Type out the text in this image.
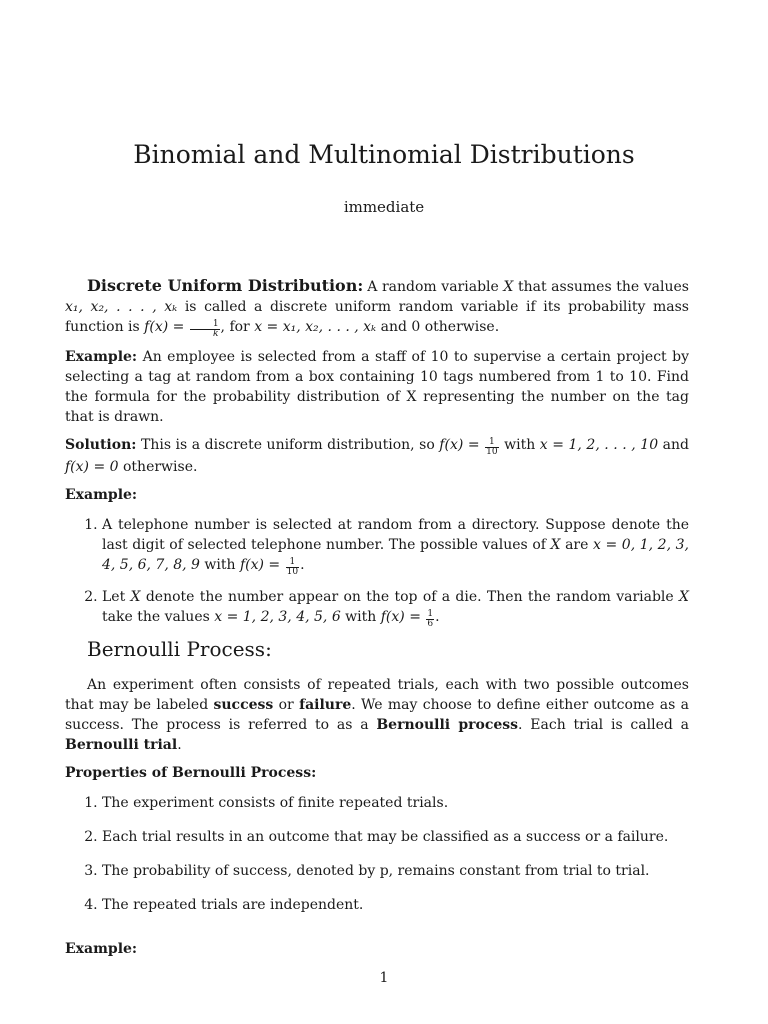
Binomial and Multinomial Distributions
immediate

Discrete Uniform Distribution: A random variable X that assumes the values x₁, x₂, . . . , xₖ is called a discrete uniform random variable if its probability mass function is $f(x) = \frac{1}{k}$ , for x = x₁, x₂, . . . , xₖ and 0 otherwise.

Example: An employee is selected from a staff of 10 to supervise a certain project by selecting a tag at random from a box containing 10 tags numbered from 1 to 10. Find the formula for the probability distribution of X representing the number on the tag that is drawn.

Solution: This is a discrete uniform distribution, so $f(x) = \frac{1}{10}$ with x = 1, 2, . . . , 10 and f(x) = 0 otherwise.

Example:

1. A telephone number is selected at random from a directory. Suppose denote the last digit of selected telephone number. The possible values of X are x = 0, 1, 2, 3, 4, 5, 6, 7, 8, 9 with $f(x) = \frac{1}{10}$ .
2. Let X denote the number appear on the top of a die. Then the random variable X take the values x = 1, 2, 3, 4, 5, 6 with $f(x) = \frac{1}{6}$ .
Bernoulli Process:

An experiment often consists of repeated trials, each with two possible outcomes that may be labeled success or failure. We may choose to define either outcome as a success. The process is referred to as a Bernoulli process. Each trial is called a Bernoulli trial.

Properties of Bernoulli Process:

1. The experiment consists of finite repeated trials.
2. Each trial results in an outcome that may be classified as a success or a failure.
3. The probability of success, denoted by p, remains constant from trial to trial.
4. The repeated trials are independent.

Example:

1
